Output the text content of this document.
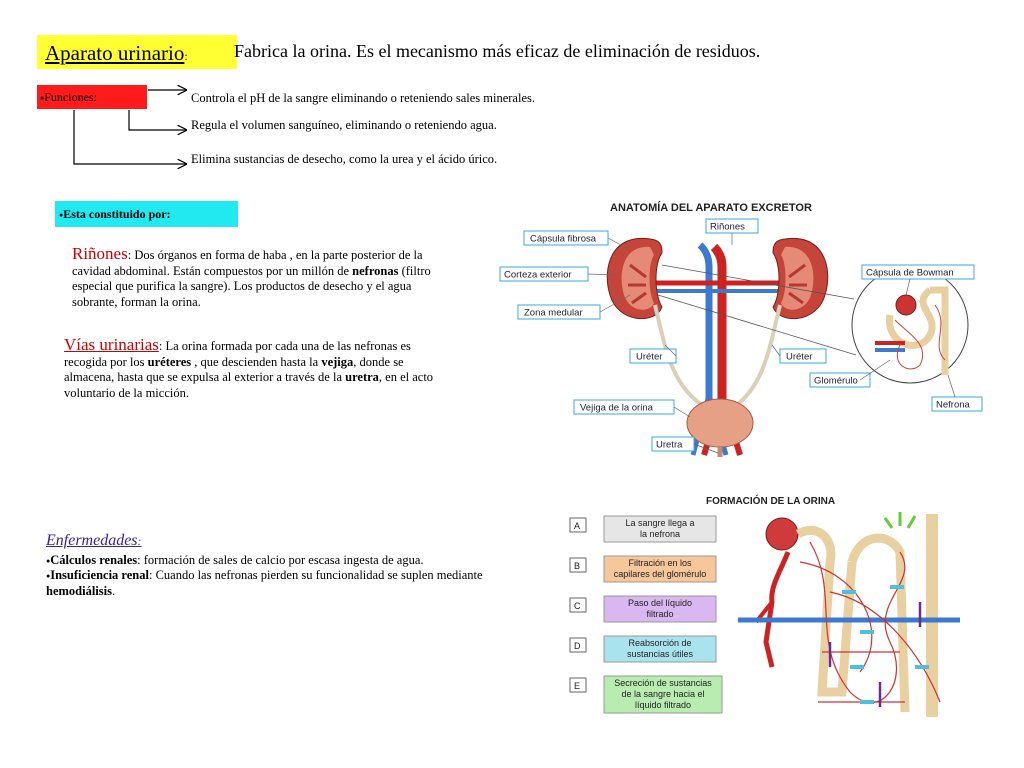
Aparato urinario:	Fabrica la orina. Es el mecanismo más eficaz de eliminación de residuos.
●Funciones:	Controla el pH de la sangre eliminando o reteniendo sales minerales.
Regula el volumen sanguíneo, eliminando o reteniendo agua.
Elimina sustancias de desecho, como la urea y el ácido úrico.
●Esta constituido por:
Riñones: Dos órganos en forma de haba , en la parte posterior de la cavidad abdominal. Están compuestos por un millón de nefronas (filtro especial que purifica la sangre). Los productos de desecho y el agua sobrante, forman la orina.
Vías urinarias: La orina formada por cada una de las nefronas es recogida por los uréteres , que descienden hasta la vejiga, donde se almacena, hasta que se expulsa al exterior a través de la uretra, en el acto voluntario de la micción.
Enfermedades:
●Cálculos renales: formación de sales de calcio por escasa ingesta de agua.
●Insuficiencia renal: Cuando las nefronas pierden su funcionalidad se suplen mediante hemodiálisis.
ANATOMÍA DEL APARATO EXCRETOR
Cápsula fibrosa
Corteza exterior
Zona medular
Uréter	Uréter
Vejiga de la orina
Uretra
Riñones
Cápsula de Bowman
Glomérulo
Nefrona
FORMACIÓN DE LA ORINA
A	La sangre llega a
la nefrona
B	Filtración en los
capilares del glomérulo
C	Paso del líquido
filtrado
D	Reabsorción de
sustancias útiles
E	Secreción de sustancias
de la sangre hacia el
líquido filtrado
